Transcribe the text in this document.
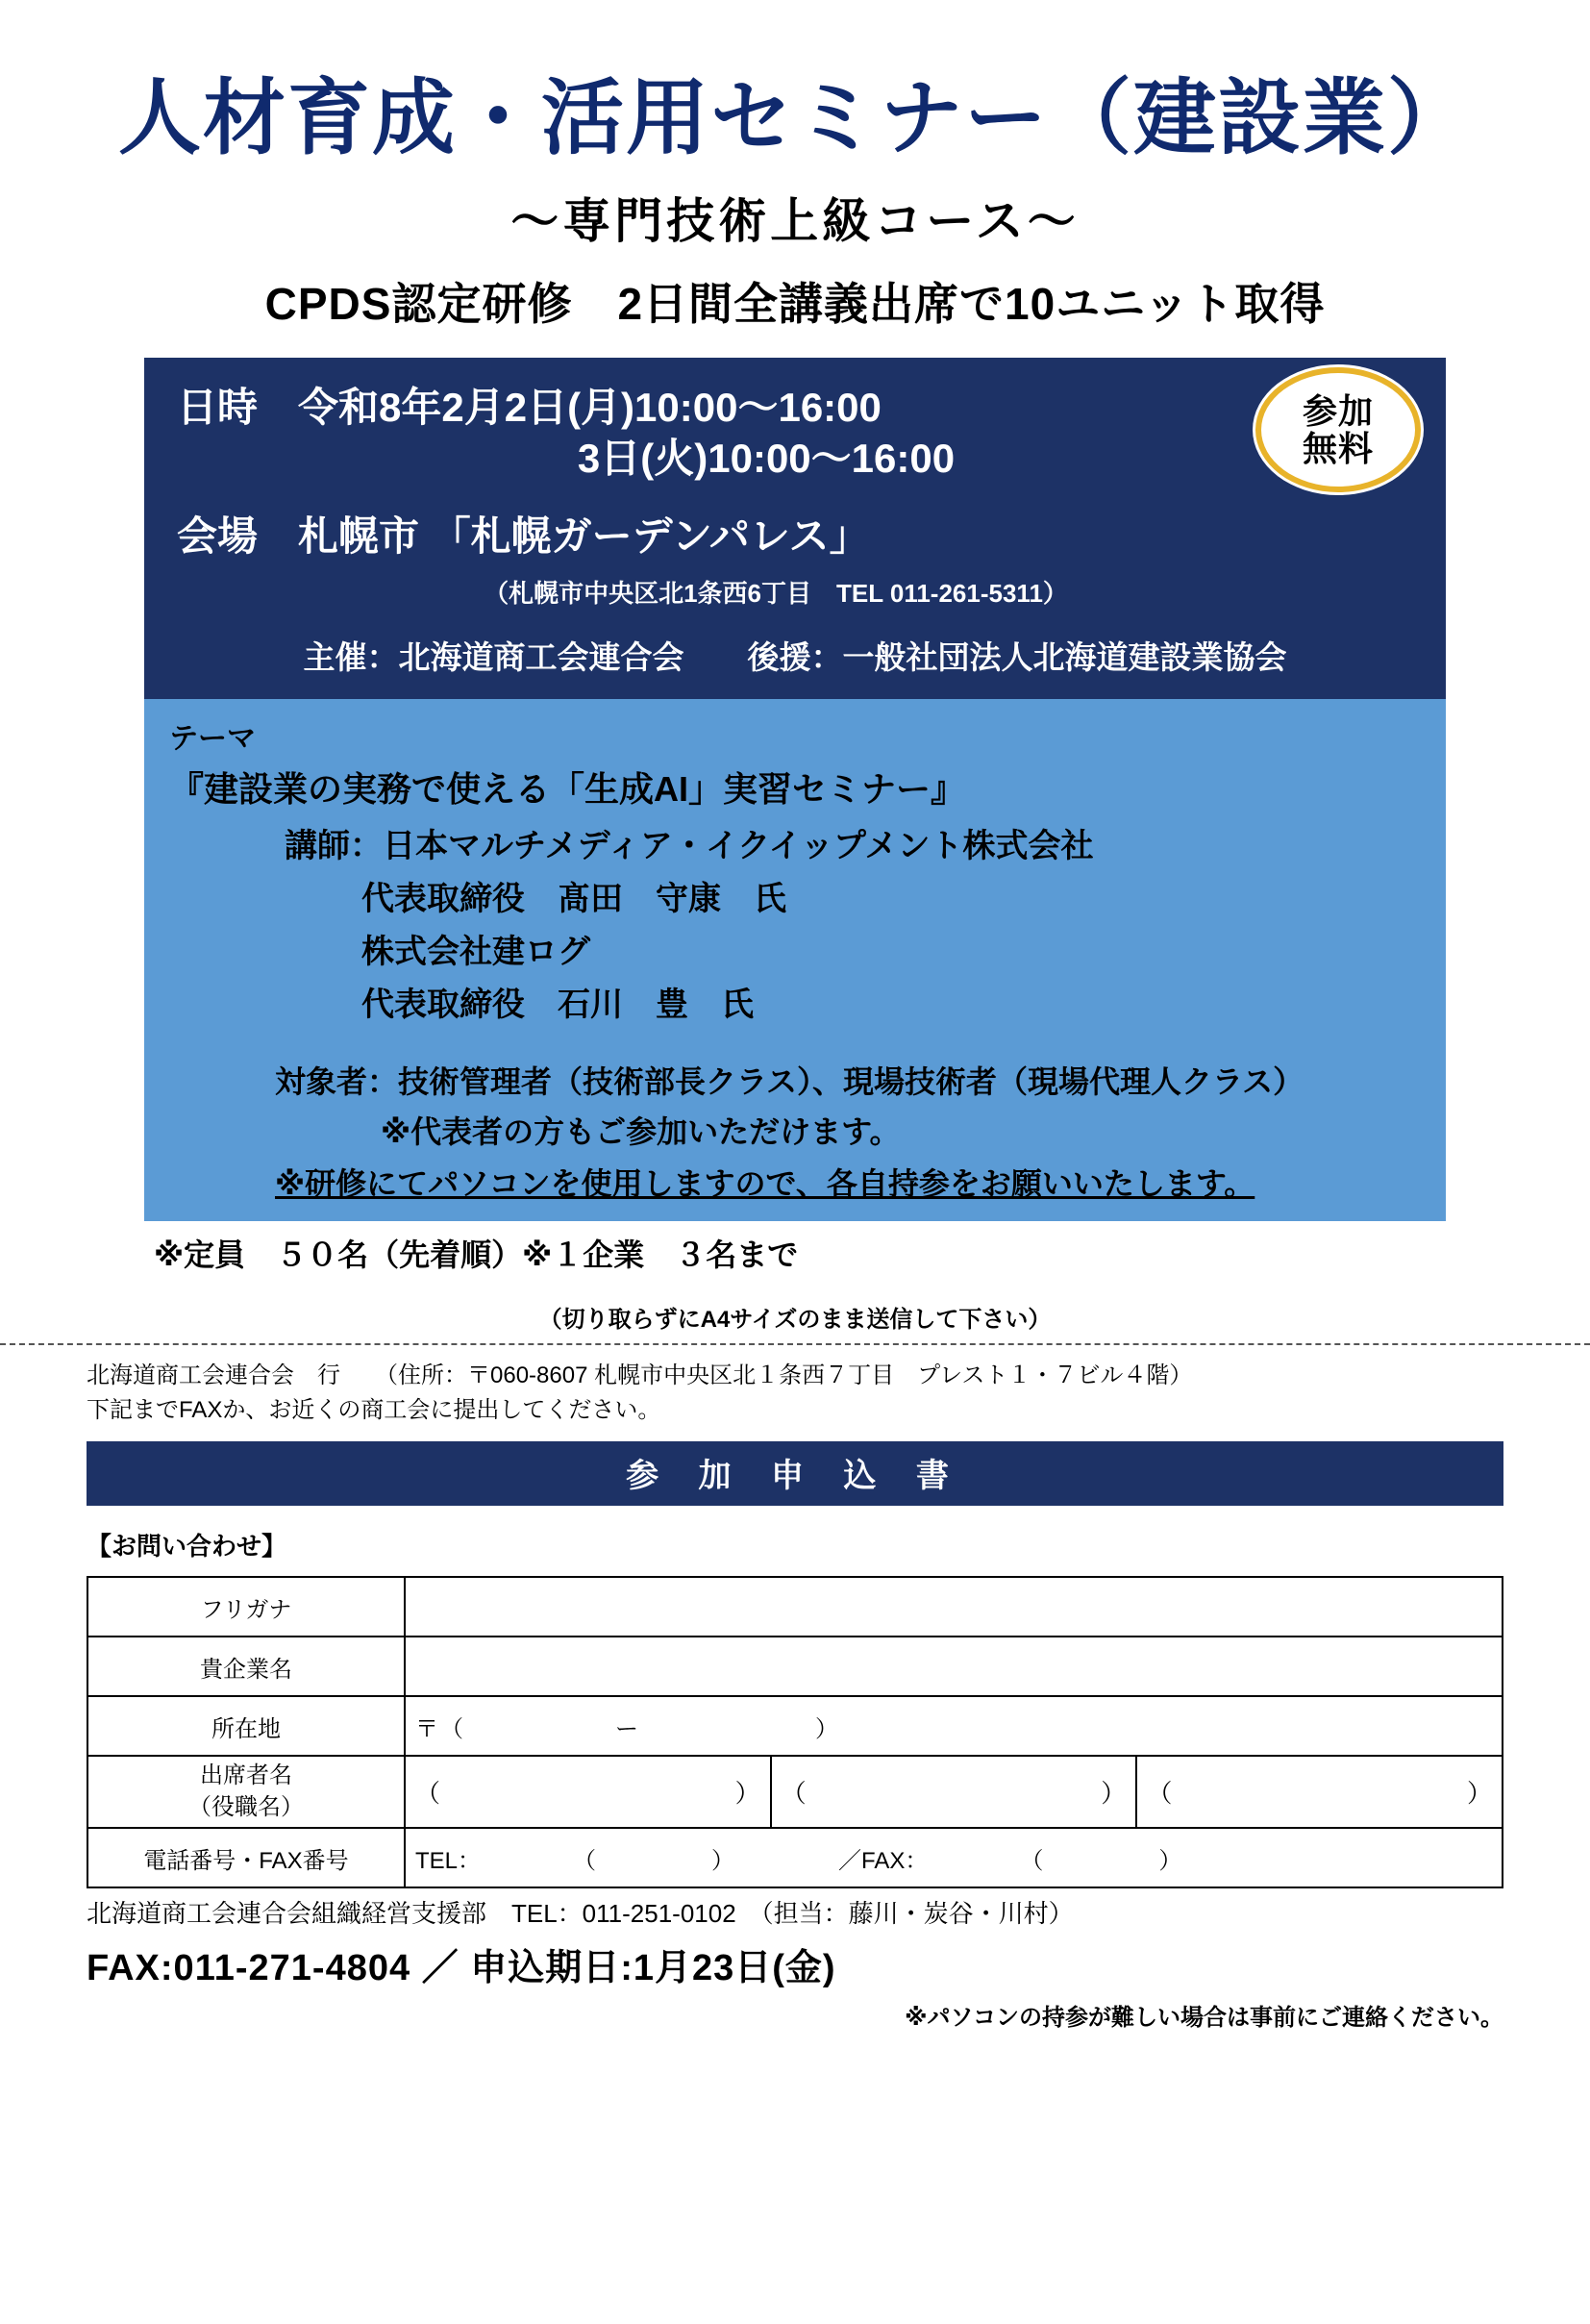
人材育成・活用セミナー（建設業）
〜専門技術上級コース〜
CPDS認定研修　2日間全講義出席で10ユニット取得
参加
無料
日時　令和8年2月2日(月)10:00〜16:00
3日(火)10:00〜16:00
会場　札幌市 「札幌ガーデンパレス」
（札幌市中央区北1条西6丁目　TEL 011-261-5311）
主催：北海道商工会連合会　　後援：一般社団法人北海道建設業協会
テーマ
『建設業の実務で使える「生成AI」実習セミナー』
講師：日本マルチメディア・イクイップメント株式会社
代表取締役　髙田　守康　氏
株式会社建ログ
代表取締役　石川　豊　氏
対象者：技術管理者（技術部長クラス）、現場技術者（現場代理人クラス）
※代表者の方もご参加いただけます。
※研修にてパソコンを使用しますので、各自持参をお願いいたします。
※定員　５０名（先着順）※１企業　３名まで
（切り取らずにA4サイズのまま送信して下さい）
北海道商工会連合会　行　　（住所：〒060-8607 札幌市中央区北１条西７丁目　プレスト１・７ビル４階）
下記までFAXか、お近くの商工会に提出してください。
参 加 申 込 書
【お問い合わせ】
フリガナ			
貴企業名			
所在地	〒（　　　　　　ー　　　　　　　）		

出席者名
（役職名）	（	）	（	）	（	）

電話番号・FAX番号	TEL：　　　　　（　　　　　）　　　　　／FAX：　　　　　（　　　　　）		
北海道商工会連合会組織経営支援部　TEL：011-251-0102　（担当：藤川・炭谷・川村）
FAX:011-271-4804 ／ 申込期日:1月23日(金)
※パソコンの持参が難しい場合は事前にご連絡ください。
